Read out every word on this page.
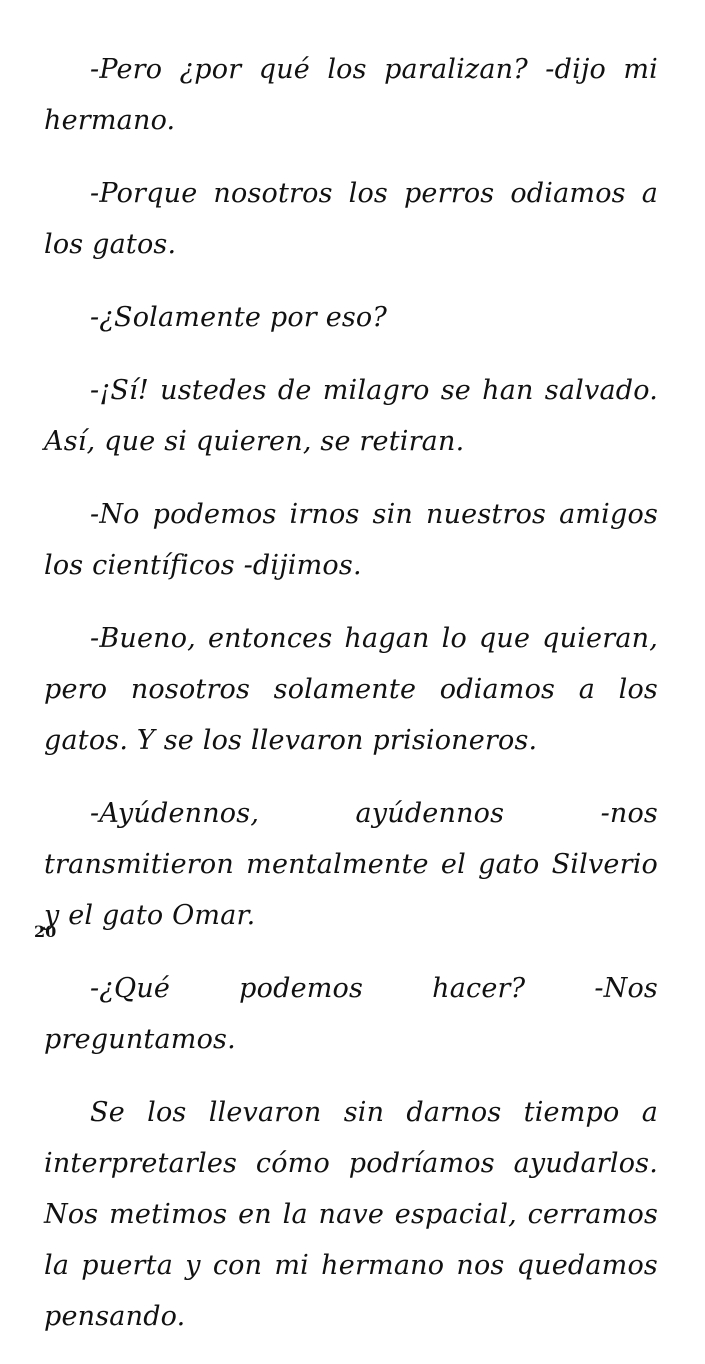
-Pero ¿por qué los paralizan? -dijo mi hermano.

-Porque nosotros los perros odiamos a los gatos.

-¿Solamente por eso?

-¡Sí! ustedes de milagro se han salvado. Así, que si quieren, se retiran.

-No podemos irnos sin nuestros amigos los científicos -dijimos.

-Bueno, entonces hagan lo que quieran, pero nosotros solamente odiamos a los gatos. Y se los llevaron prisioneros.

-Ayúdennos, ayúdennos -nos transmitieron mentalmente el gato Silverio y el gato Omar.

-¿Qué podemos hacer? -Nos preguntamos.

Se los llevaron sin darnos tiempo a interpretarles cómo podríamos ayudarlos. Nos metimos en la nave espacial, cerramos la puerta y con mi hermano nos quedamos pensando.

20
